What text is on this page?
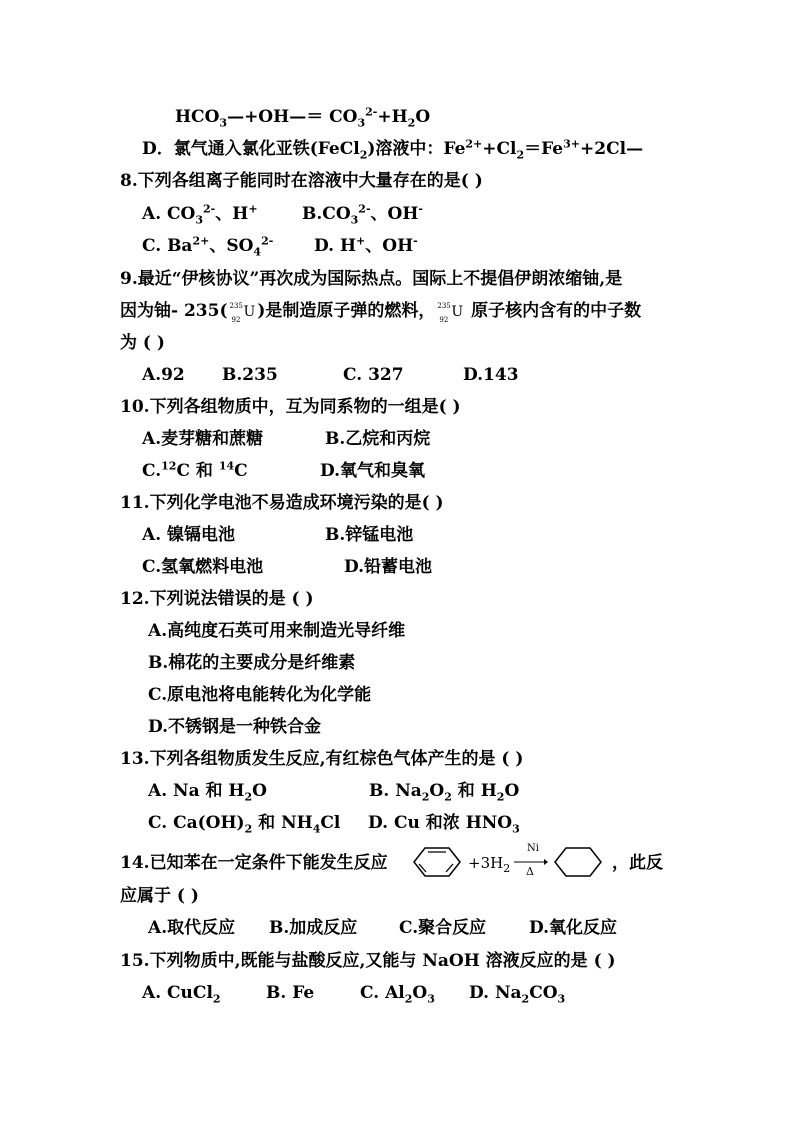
$HCO_3—+OH—= CO_3^{2-}+H_2O$
D．氯气通入氯化亚铁(FeCl$_2$)溶液中：$Fe^{2+}+Cl_2=Fe^{3+}+2Cl—$
8.下列各组离子能同时在溶液中大量存在的是( )
A. $CO_3^{2-}$、H+	$B.CO_3^{2-}$、OH-
C. $Ba^{2+}$、$SO_4^{2-}$ D. H+、OH-
9.最近“伊核协议”再次成为国际热点。国际上不提倡伊朗浓缩铀,是
因为铀- 235( 235
92 U )是制造原子弹的燃料， 235
92 U 原子核内含有的中子数
为 ( )
A.92 B.235	C. 327	D.143
10.下列各组物质中，互为同系物的一组是( )
A.麦芽糖和蔗糖	B.乙烷和丙烷
C.$^{12}$C 和 $^{14}$C	D.氧气和臭氧
11.下列化学电池不易造成环境污染的是( )
A. 镍镉电池	B.锌锰电池
C.氢氧燃料电池	D.铅蓄电池
12.下列说法错误的是 ( )
A.高纯度石英可用来制造光导纤维
B.棉花的主要成分是纤维素
C.原电池将电能转化为化学能
D.不锈钢是一种铁合金
13.下列各组物质发生反应,有红棕色气体产生的是 ( )
A. Na 和 $H_2O$	B. $Na_2O_2$ 和 $H_2O$
C. $Ca(OH)_2$ 和 $NH_4Cl$ D. Cu 和浓 $HNO_3$
14.已知苯在一定条件下能发生反应	$+3H_2$
Ni
Δ	，此反
应属于 ( )
A.取代反应 B.加成反应 C.聚合反应	D.氧化反应
15.下列物质中,既能与盐酸反应,又能与 NaOH 溶液反应的是 ( )
A. CuCl$_2$	B. Fe	C. $Al_2O_3$ D. $Na_2CO_3$
